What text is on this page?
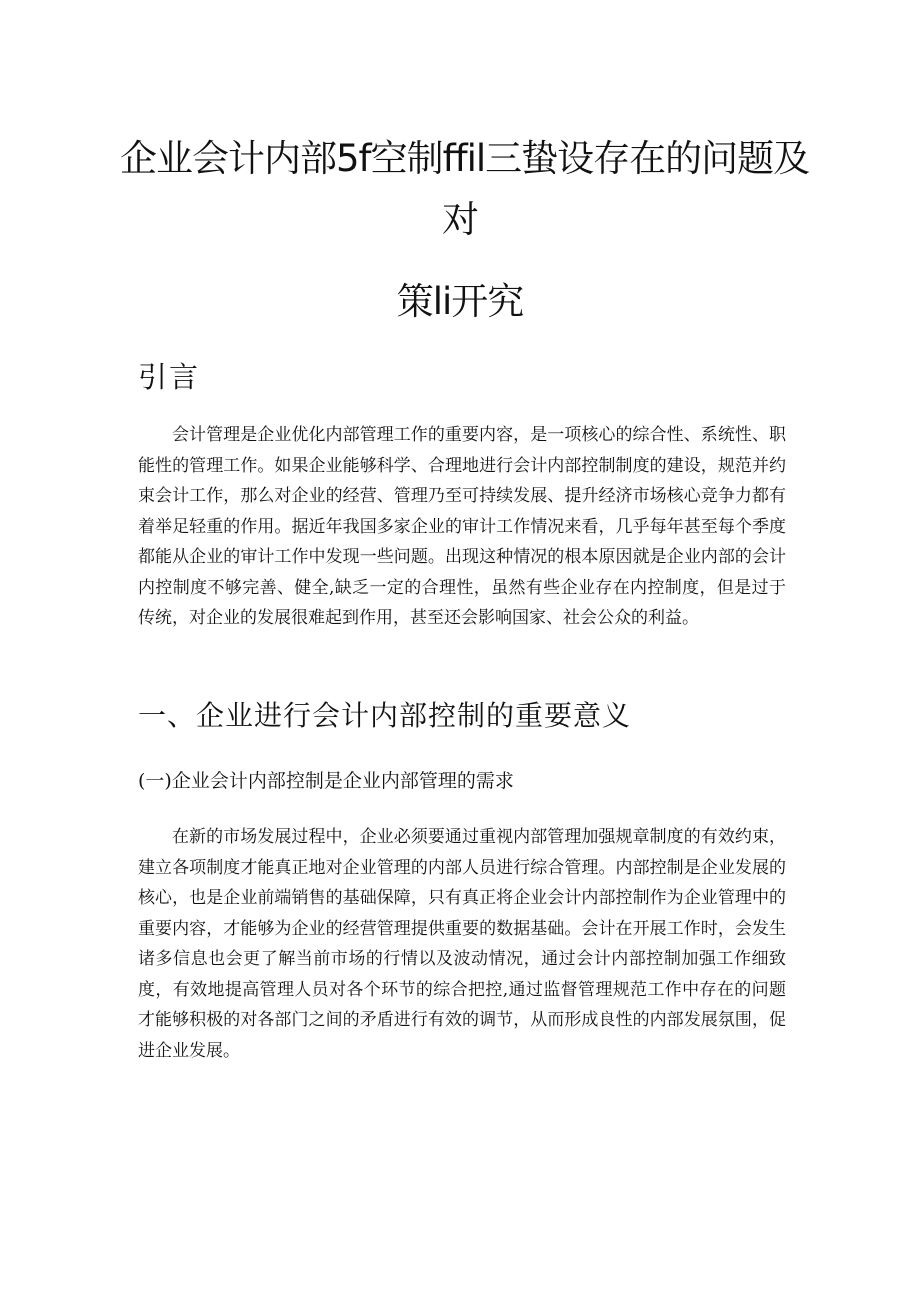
企业会计内部5f空制ffil三蛰设存在的问题及
对
策li开究
引言

会计管理是企业优化内部管理工作的重要内容，是一项核心的综合性、系统性、职能性的管理工作。如果企业能够科学、合理地进行会计内部控制制度的建设，规范并约束会计工作，那么对企业的经营、管理乃至可持续发展、提升经济市场核心竞争力都有着举足轻重的作用。据近年我国多家企业的审计工作情况来看，几乎每年甚至每个季度都能从企业的审计工作中发现一些问题。出现这种情况的根本原因就是企业内部的会计内控制度不够完善、健全,缺乏一定的合理性，虽然有些企业存在内控制度，但是过于传统，对企业的发展很难起到作用，甚至还会影响国家、社会公众的利益。

一、企业进行会计内部控制的重要意义
(一)企业会计内部控制是企业内部管理的需求

在新的市场发展过程中，企业必须要通过重视内部管理加强规章制度的有效约束，建立各项制度才能真正地对企业管理的内部人员进行综合管理。内部控制是企业发展的核心，也是企业前端销售的基础保障，只有真正将企业会计内部控制作为企业管理中的重要内容，才能够为企业的经营管理提供重要的数据基础。会计在开展工作时，会发生诸多信息也会更了解当前市场的行情以及波动情况，通过会计内部控制加强工作细致度，有效地提高管理人员对各个环节的综合把控,通过监督管理规范工作中存在的问题才能够积极的对各部门之间的矛盾进行有效的调节，从而形成良性的内部发展氛围，促进企业发展。
